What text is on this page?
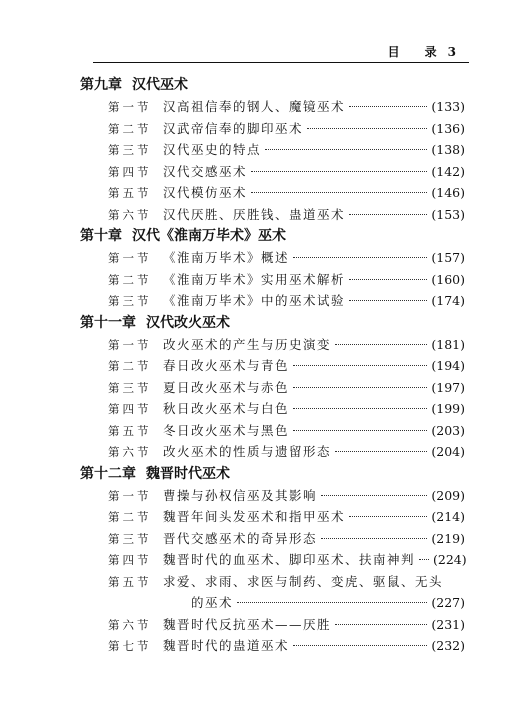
目 录 3
第九章 汉代巫术
第一节 汉高祖信奉的钢人、魔镜巫术	(133)
第二节 汉武帝信奉的脚印巫术	(136)
第三节 汉代巫史的特点	(138)
第四节 汉代交感巫术	(142)
第五节 汉代模仿巫术	(146)
第六节 汉代厌胜、厌胜钱、蛊道巫术	(153)
第十章 汉代《淮南万毕术》巫术
第一节 《淮南万毕术》概述	(157)
第二节 《淮南万毕术》实用巫术解析	(160)
第三节 《淮南万毕术》中的巫术试验	(174)
第十一章 汉代改火巫术
第一节 改火巫术的产生与历史演变	(181)
第二节 春日改火巫术与青色	(194)
第三节 夏日改火巫术与赤色	(197)
第四节 秋日改火巫术与白色	(199)
第五节 冬日改火巫术与黑色	(203)
第六节 改火巫术的性质与遗留形态	(204)
第十二章 魏晋时代巫术
第一节 曹操与孙权信巫及其影响	(209)
第二节 魏晋年间头发巫术和指甲巫术	(214)
第三节 晋代交感巫术的奇异形态	(219)
第四节 魏晋时代的血巫术、脚印巫术、扶南神判 (224)
第五节 求爱、求雨、求医与制药、变虎、驱鼠、无头
的巫术	(227)
第六节 魏晋时代反抗巫术——厌胜	(231)
第七节 魏晋时代的蛊道巫术	(232)
